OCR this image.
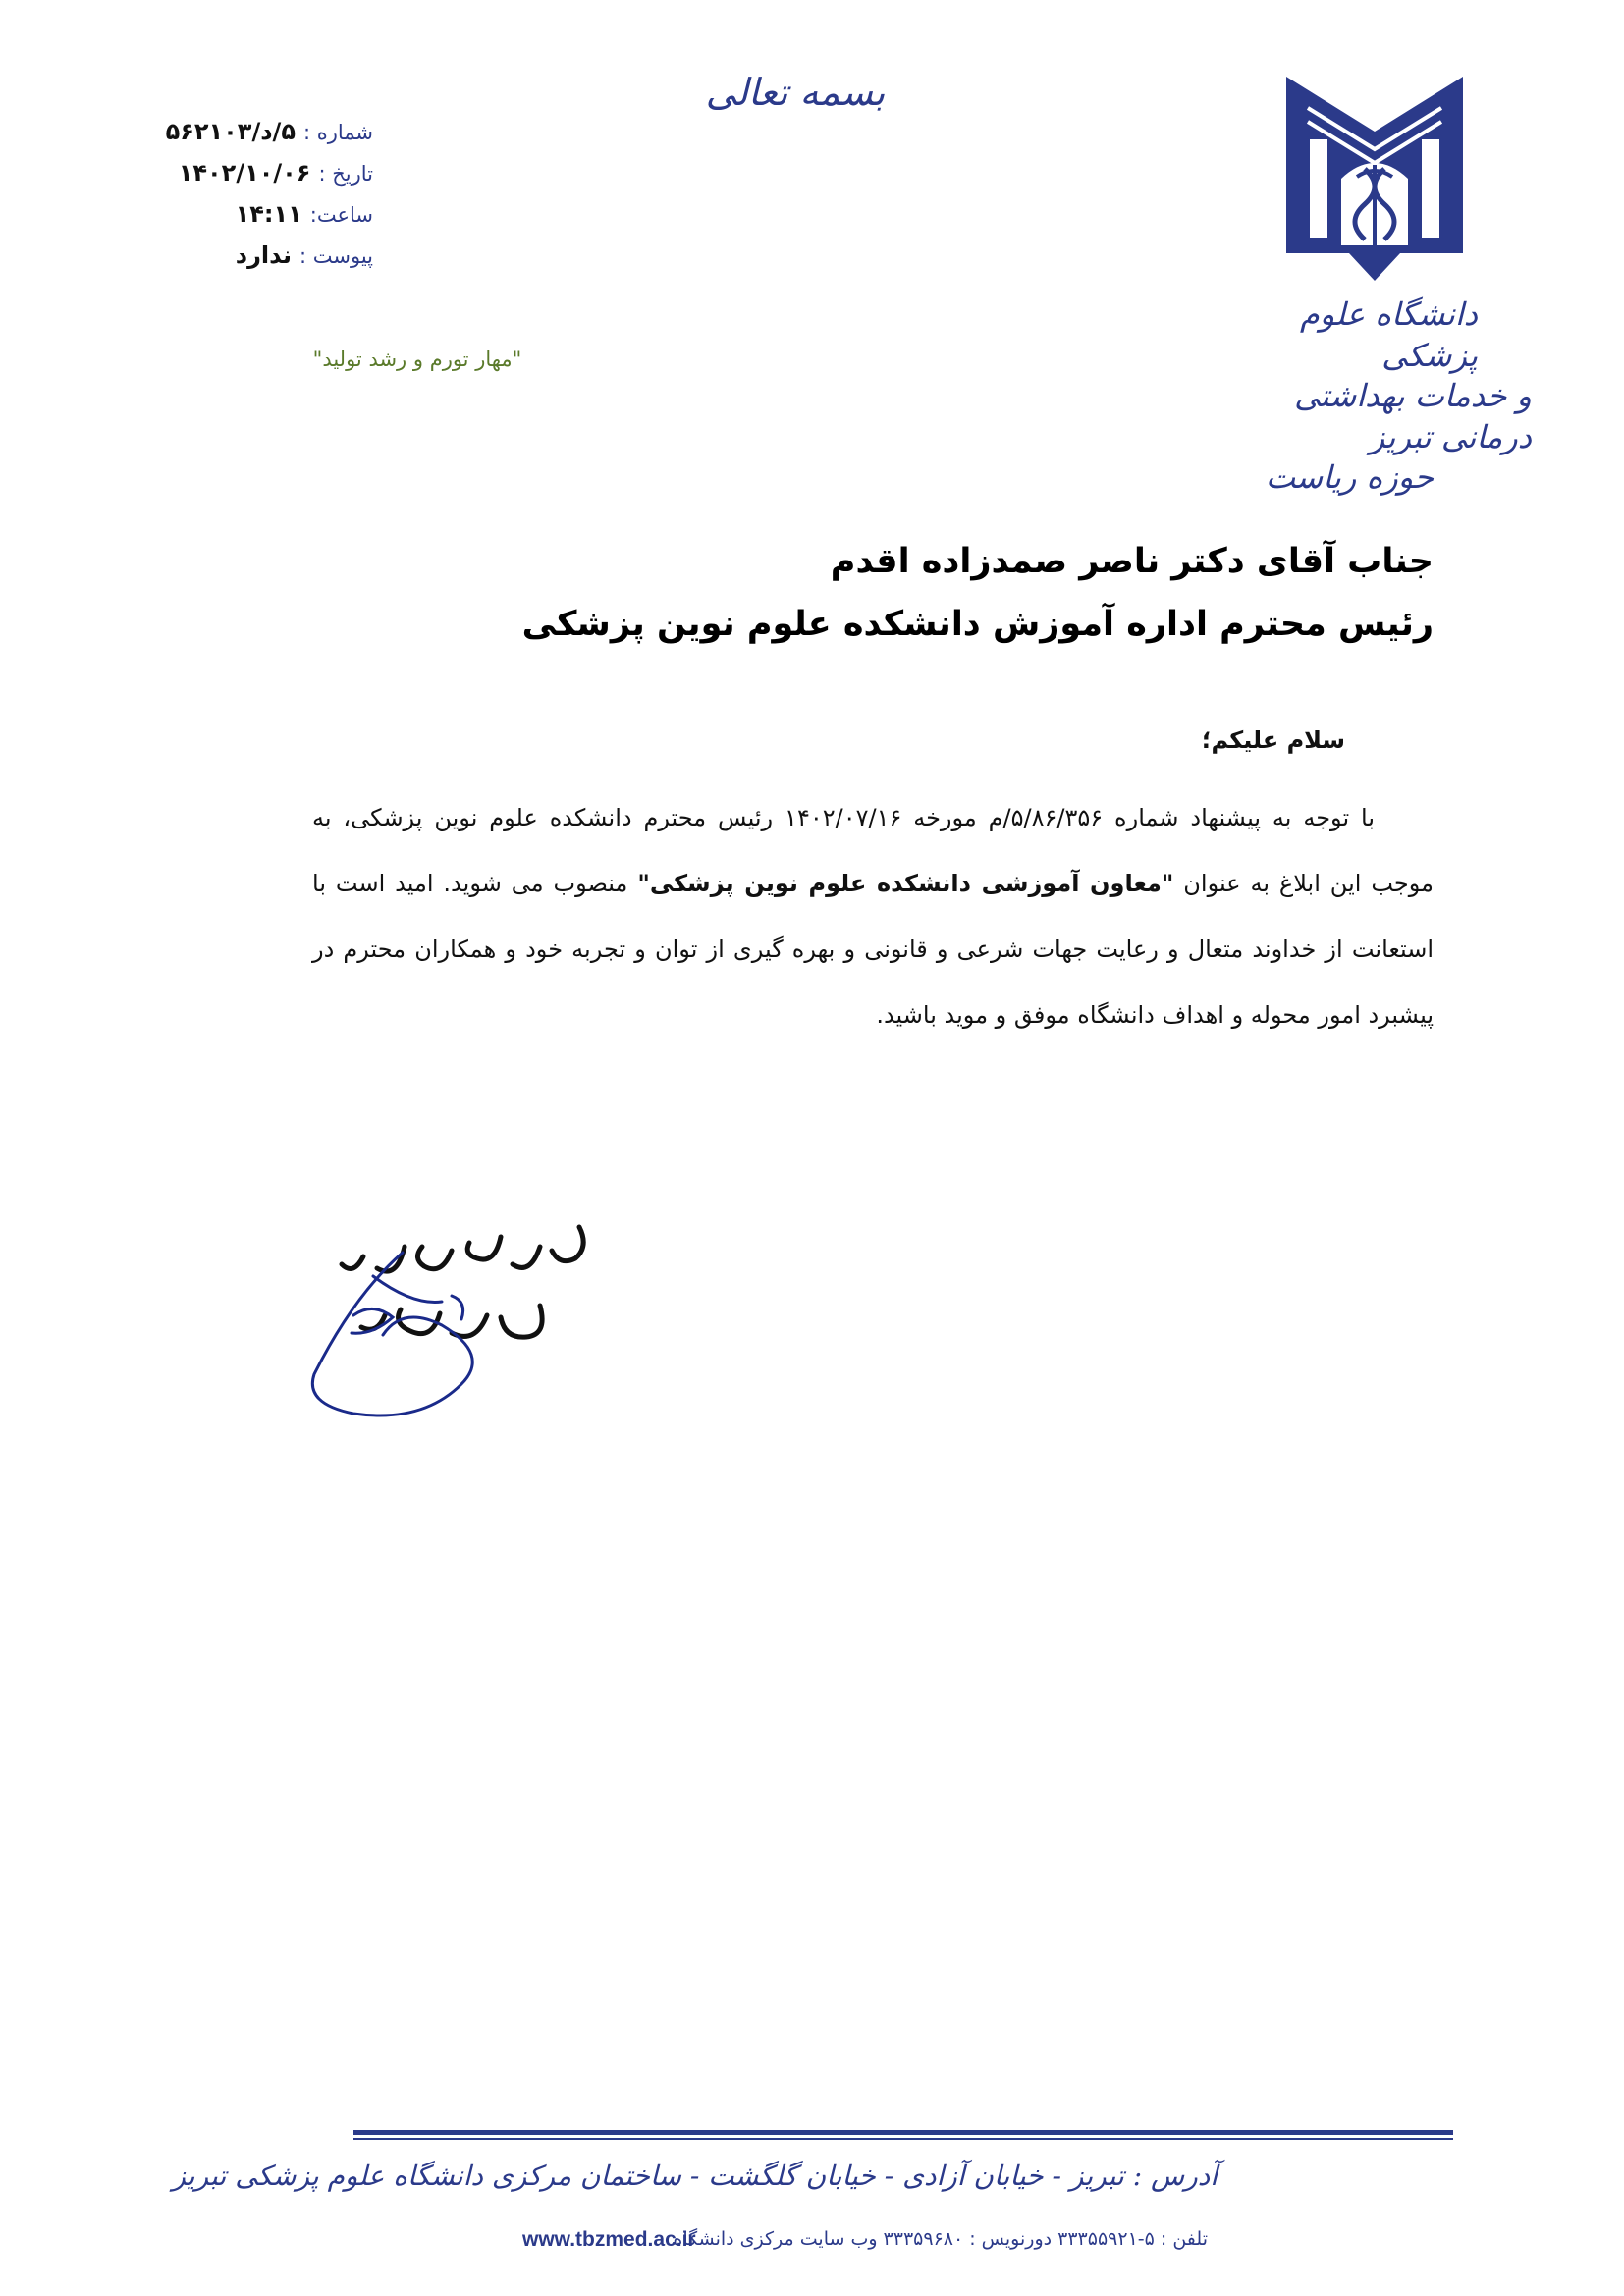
بسمه تعالی
شماره :
۵/د/۵۶۲۱۰۳
تاریخ :
۱۴۰۲/۱۰/۰۶
ساعت:
۱۴:۱۱
پیوست :
ندارد
"مهار تورم و رشد تولید"
دانشگاه علوم پزشکی
و خدمات بهداشتی درمانی تبریز
حوزه ریاست
جناب آقای دکتر ناصر صمدزاده اقدم
رئیس محترم اداره آموزش دانشکده علوم نوین پزشکی
سلام علیکم؛
با توجه به پیشنهاد شماره ۵/۸۶/۳۵۶/م مورخه ۱۴۰۲/۰۷/۱۶ رئیس محترم دانشکده علوم نوین پزشکی، به موجب این ابلاغ به عنوان "معاون آموزشی دانشکده علوم نوین پزشکی" منصوب می شوید. امید است با استعانت از خداوند متعال و رعایت جهات شرعی و قانونی و بهره گیری از توان و تجربه خود و همکاران محترم در پیشبرد امور محوله و اهداف دانشگاه موفق و موید باشید.
آدرس : تبریز - خیابان آزادی - خیابان گلگشت - ساختمان مرکزی دانشگاه علوم پزشکی تبریز
تلفن : ۵-۳۳۳۵۵۹۲۱ دورنویس : ۳۳۳۵۹۶۸۰ وب سایت مرکزی دانشگاه
www.tbzmed.ac.ir
